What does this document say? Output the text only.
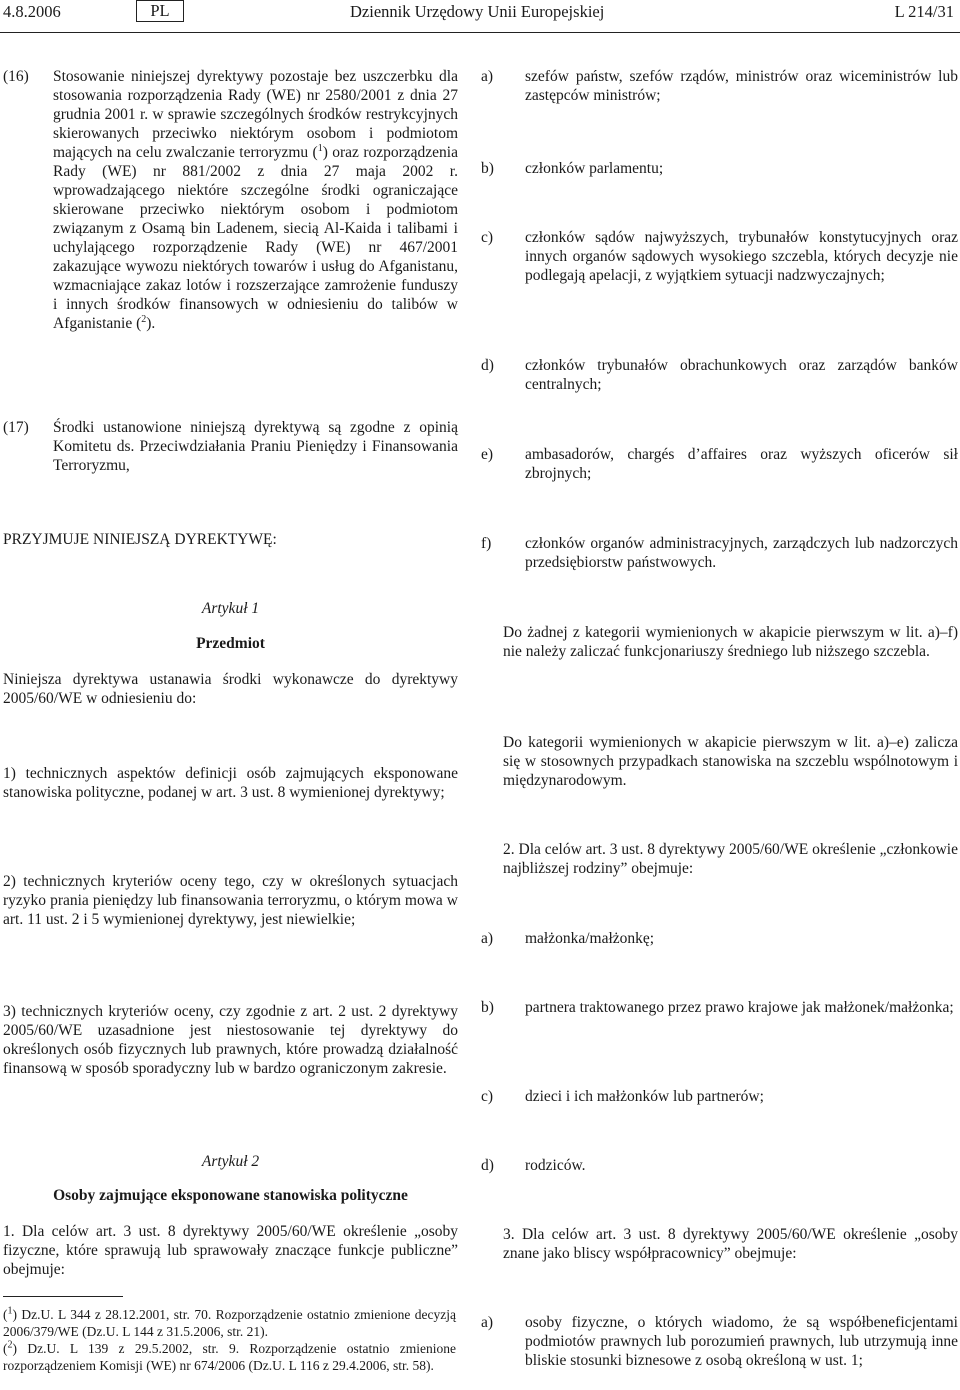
4.8.2006	PL	Dziennik Urzędowy Unii Europejskiej	L 214/31
(16)	Stosowanie niniejszej dyrektywy pozostaje bez uszczerbku dla stosowania rozporządzenia Rady (WE) nr 2580/2001 z dnia 27 grudnia 2001 r. w sprawie szczególnych środków restrykcyjnych skierowanych przeciwko niektórym osobom i podmiotom mających na celu zwalczanie terroryzmu ($^1$) oraz rozporządzenia Rady (WE) nr 881/2002 z dnia 27 maja 2002 r. wprowadzającego niektóre szczególne środki ograniczające skierowane przeciwko niektórym osobom i podmiotom związanym z Osamą bin Ladenem, siecią Al-Kaida i talibami i uchylającego rozporządzenie Rady (WE) nr 467/2001 zakazujące wywozu niektórych towarów i usług do Afganistanu, wzmacniające zakaz lotów i rozszerzające zamrożenie funduszy i innych środków finansowych w odniesieniu do talibów w Afganistanie ($^2$).

(17)	Środki ustanowione niniejszą dyrektywą są zgodne z opinią Komitetu ds. Przeciwdziałania Praniu Pieniędzy i Finansowania Terroryzmu,

PRZYJMUJE NINIEJSZĄ DYREKTYWĘ:
Artykuł 1
Przedmiot

Niniejsza dyrektywa ustanawia środki wykonawcze do dyrektywy 2005/60/WE w odniesieniu do:

1) technicznych aspektów definicji osób zajmujących eksponowane stanowiska polityczne, podanej w art. 3 ust. 8 wymienionej dyrektywy;

2) technicznych kryteriów oceny tego, czy w określonych sytuacjach ryzyko prania pieniędzy lub finansowania terroryzmu, o którym mowa w art. 11 ust. 2 i 5 wymienionej dyrektywy, jest niewielkie;

3) technicznych kryteriów oceny, czy zgodnie z art. 2 ust. 2 dyrektywy 2005/60/WE uzasadnione jest niestosowanie tej dyrektywy do określonych osób fizycznych lub prawnych, które prowadzą działalność finansową w sposób sporadyczny lub w bardzo ograniczonym zakresie.

Artykuł 2
Osoby zajmujące eksponowane stanowiska polityczne

1. Dla celów art. 3 ust. 8 dyrektywy 2005/60/WE określenie „osoby fizyczne, które sprawują lub sprawowały znaczące funkcje publiczne” obejmuje:

($^1$) Dz.U. L 344 z 28.12.2001, str. 70. Rozporządzenie ostatnio zmienione decyzją 2006/379/WE (Dz.U. L 144 z 31.5.2006, str. 21).
($^2$) Dz.U. L 139 z 29.5.2002, str. 9. Rozporządzenie ostatnio zmienione rozporządzeniem Komisji (WE) nr 674/2006 (Dz.U. L 116 z 29.4.2006, str. 58).

a) szefów państw, szefów rządów, ministrów oraz wiceministrów lub zastępców ministrów;

b) członków parlamentu;

c) członków sądów najwyższych, trybunałów konstytucyjnych oraz innych organów sądowych wysokiego szczebla, których decyzje nie podlegają apelacji, z wyjątkiem sytuacji nadzwyczajnych;

d) członków trybunałów obrachunkowych oraz zarządów banków centralnych;

e) ambasadorów, chargés d’affaires oraz wyższych oficerów sił zbrojnych;

f) członków organów administracyjnych, zarządczych lub nadzorczych przedsiębiorstw państwowych.

Do żadnej z kategorii wymienionych w akapicie pierwszym w lit. a)–f) nie należy zaliczać funkcjonariuszy średniego lub niższego szczebla.

Do kategorii wymienionych w akapicie pierwszym w lit. a)–e) zalicza się w stosownych przypadkach stanowiska na szczeblu wspólnotowym i międzynarodowym.

2. Dla celów art. 3 ust. 8 dyrektywy 2005/60/WE określenie „członkowie najbliższej rodziny” obejmuje:

a) małżonka/małżonkę;

b) partnera traktowanego przez prawo krajowe jak małżonek/małżonka;

c) dzieci i ich małżonków lub partnerów;

d) rodziców.

3. Dla celów art. 3 ust. 8 dyrektywy 2005/60/WE określenie „osoby znane jako bliscy współpracownicy” obejmuje:

a) osoby fizyczne, o których wiadomo, że są współbeneficjentami podmiotów prawnych lub porozumień prawnych, lub utrzymują inne bliskie stosunki biznesowe z osobą określoną w ust. 1;
